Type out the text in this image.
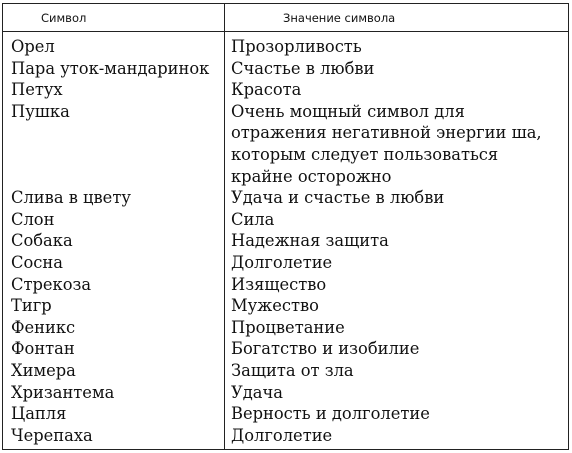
Символ	Значение символа
Орел	Прозорливость
Пара уток-мандаринок	Счастье в любви
Петух	Красота
Пушка	Очень мощный символ для отражения негативной энергии ша, которым следует пользоваться крайне осторожно
Слива в цвету	Удача и счастье в любви
Слон	Сила
Собака	Надежная защита
Сосна	Долголетие
Стрекоза	Изящество
Тигр	Мужество
Феникс	Процветание
Фонтан	Богатство и изобилие
Химера	Защита от зла
Хризантема	Удача
Цапля	Верность и долголетие
Черепаха	Долголетие
